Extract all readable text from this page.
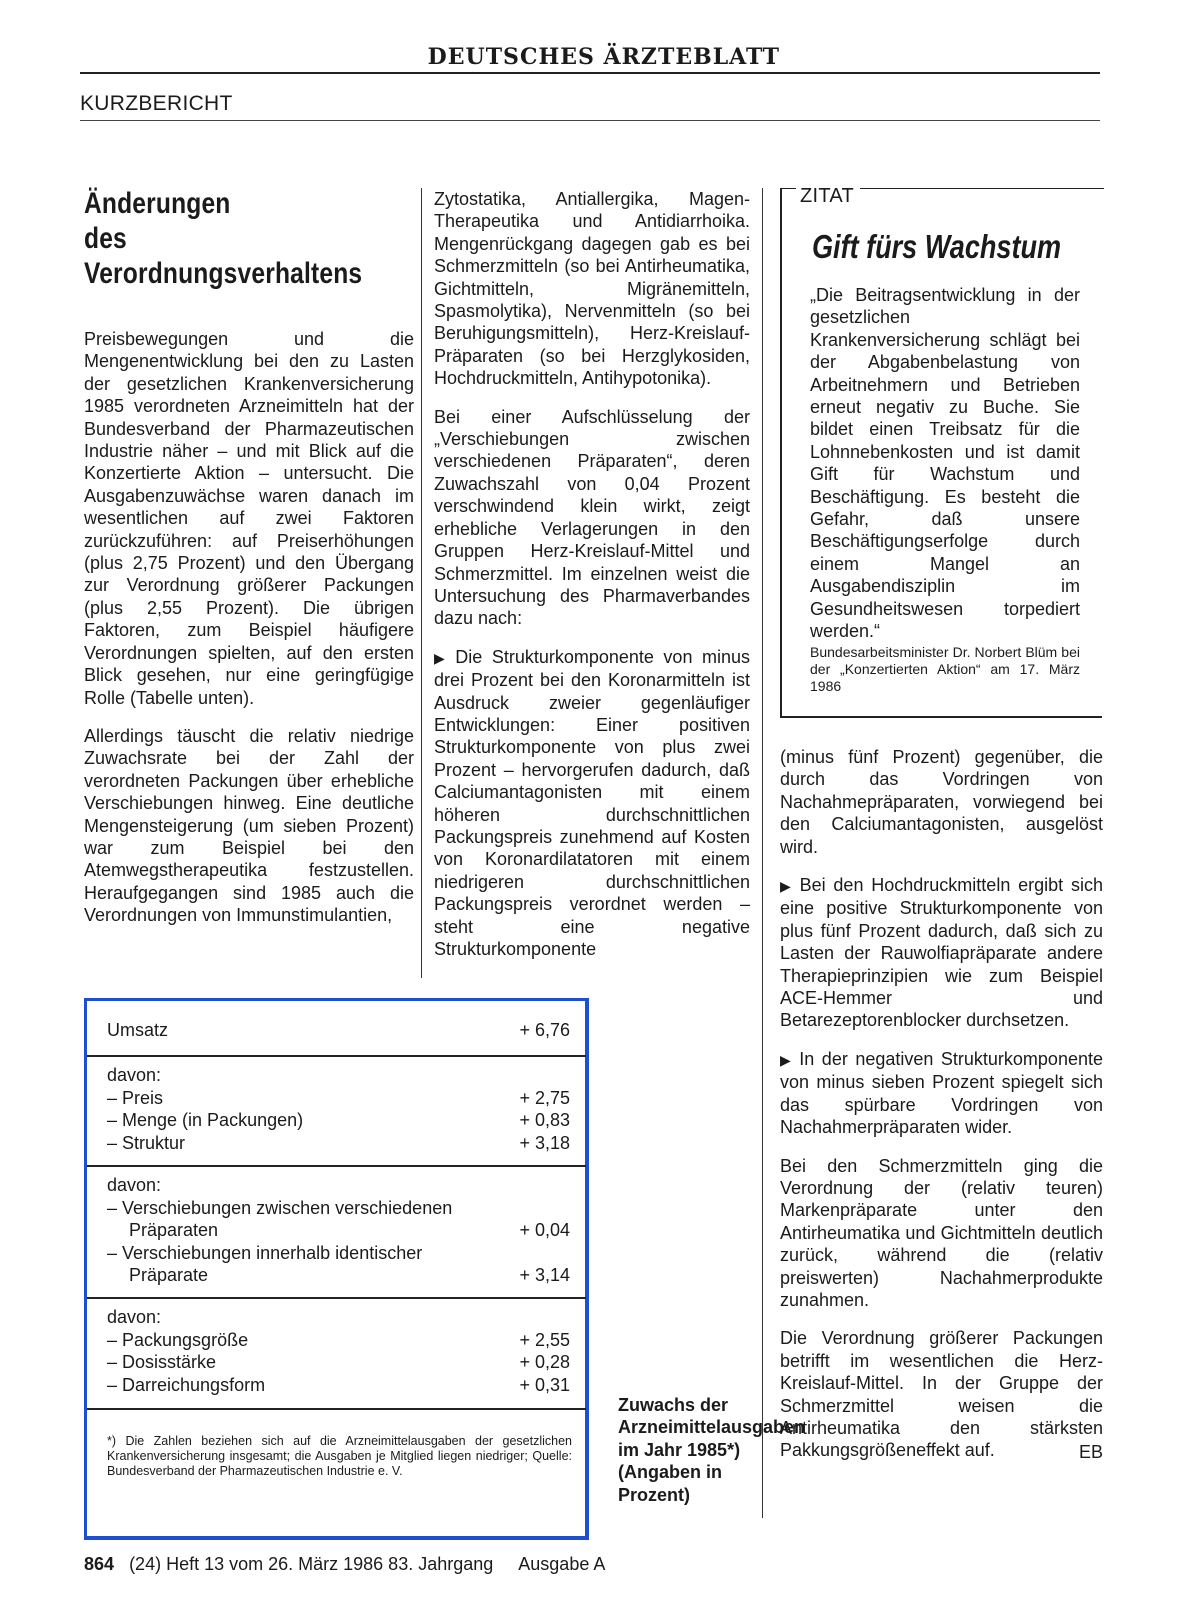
DEUTSCHES ÄRZTEBLATT
KURZBERICHT
Änderungen
des
Verordnungsverhaltens

Preisbewegungen und die Mengenentwicklung bei den zu Lasten der gesetzlichen Krankenversicherung 1985 verordneten Arzneimitteln hat der Bundesverband der Pharmazeutischen Industrie näher – und mit Blick auf die Konzertierte Aktion – untersucht. Die Ausgabenzuwächse waren danach im wesentlichen auf zwei Faktoren zurückzuführen: auf Preiserhöhungen (plus 2,75 Prozent) und den Übergang zur Verordnung größerer Packungen (plus 2,55 Prozent). Die übrigen Faktoren, zum Beispiel häufigere Verordnungen spielten, auf den ersten Blick gesehen, nur eine geringfügige Rolle (Tabelle unten).

Allerdings täuscht die relativ niedrige Zuwachsrate bei der Zahl der verordneten Packungen über erhebliche Verschiebungen hinweg. Eine deutliche Mengensteigerung (um sieben Prozent) war zum Beispiel bei den Atemwegstherapeutika festzustellen. Heraufgegangen sind 1985 auch die Verordnungen von Immunstimulantien,

Zytostatika, Antiallergika, Magen-Therapeutika und Antidiarrhoika. Mengenrückgang dagegen gab es bei Schmerzmitteln (so bei Antirheumatika, Gichtmitteln, Migränemitteln, Spasmolytika), Nervenmitteln (so bei Beruhigungsmitteln), Herz-Kreislauf-Präparaten (so bei Herzglykosiden, Hochdruckmitteln, Antihypotonika).

Bei einer Aufschlüsselung der „Verschiebungen zwischen verschiedenen Präparaten“, deren Zuwachszahl von 0,04 Prozent verschwindend klein wirkt, zeigt erhebliche Verlagerungen in den Gruppen Herz-Kreislauf-Mittel und Schmerzmittel. Im einzelnen weist die Untersuchung des Pharmaverbandes dazu nach:

▶ Die Strukturkomponente von minus drei Prozent bei den Koronarmitteln ist Ausdruck zweier gegenläufiger Entwicklungen: Einer positiven Strukturkomponente von plus zwei Prozent – hervorgerufen dadurch, daß Calciumantagonisten mit einem höheren durchschnittlichen Packungspreis zunehmend auf Kosten von Koronardilatatoren mit einem niedrigeren durchschnittlichen Packungspreis verordnet werden – steht eine negative Strukturkomponente

ZITAT
Gift fürs Wachstum
„Die Beitragsentwicklung in der gesetzlichen Krankenversicherung schlägt bei der Abgabenbelastung von Arbeitnehmern und Betrieben erneut negativ zu Buche. Sie bildet einen Treibsatz für die Lohnnebenkosten und ist damit Gift für Wachstum und Beschäftigung. Es besteht die Gefahr, daß unsere Beschäftigungserfolge durch einem Mangel an Ausgabendisziplin im Gesundheitswesen torpediert werden.“
Bundesarbeitsminister Dr. Norbert Blüm bei der „Konzertierten Aktion“ am 17. März 1986

(minus fünf Prozent) gegenüber, die durch das Vordringen von Nachahmepräparaten, vorwiegend bei den Calciumantagonisten, ausgelöst wird.

▶ Bei den Hochdruckmitteln ergibt sich eine positive Strukturkomponente von plus fünf Prozent dadurch, daß sich zu Lasten der Rauwolfiapräparate andere Therapieprinzipien wie zum Beispiel ACE-Hemmer und Betarezeptorenblocker durchsetzen.

▶ In der negativen Strukturkomponente von minus sieben Prozent spiegelt sich das spürbare Vordringen von Nachahmerpräparaten wider.

Bei den Schmerzmitteln ging die Verordnung der (relativ teuren) Markenpräparate unter den Antirheumatika und Gichtmitteln deutlich zurück, während die (relativ preiswerten) Nachahmerprodukte zunahmen.

Die Verordnung größerer Packungen betrifft im wesentlichen die Herz-Kreislauf-Mittel. In der Gruppe der Schmerzmittel weisen die Antirheumatika den stärksten Pakkungsgrößeneffekt auf.	EB
Umsatz	+ 6,76
davon:
– Preis	+ 2,75
– Menge (in Packungen)	+ 0,83
– Struktur	+ 3,18
davon:
– Verschiebungen zwischen verschiedenen
Präparaten	+ 0,04
– Verschiebungen innerhalb identischer
Präparate	+ 3,14
davon:
– Packungsgröße	+ 2,55
– Dosisstärke	+ 0,28
– Darreichungsform	+ 0,31
*) Die Zahlen beziehen sich auf die Arzneimittelausgaben der gesetzlichen Krankenversicherung insgesamt; die Ausgaben je Mitglied liegen niedriger; Quelle: Bundesverband der Pharmazeutischen Industrie e. V.
Zuwachs der Arzneimittelausgaben im Jahr 1985*) (Angaben in Prozent)
864 (24) Heft 13 vom 26. März 1986 83. Jahrgang Ausgabe A
